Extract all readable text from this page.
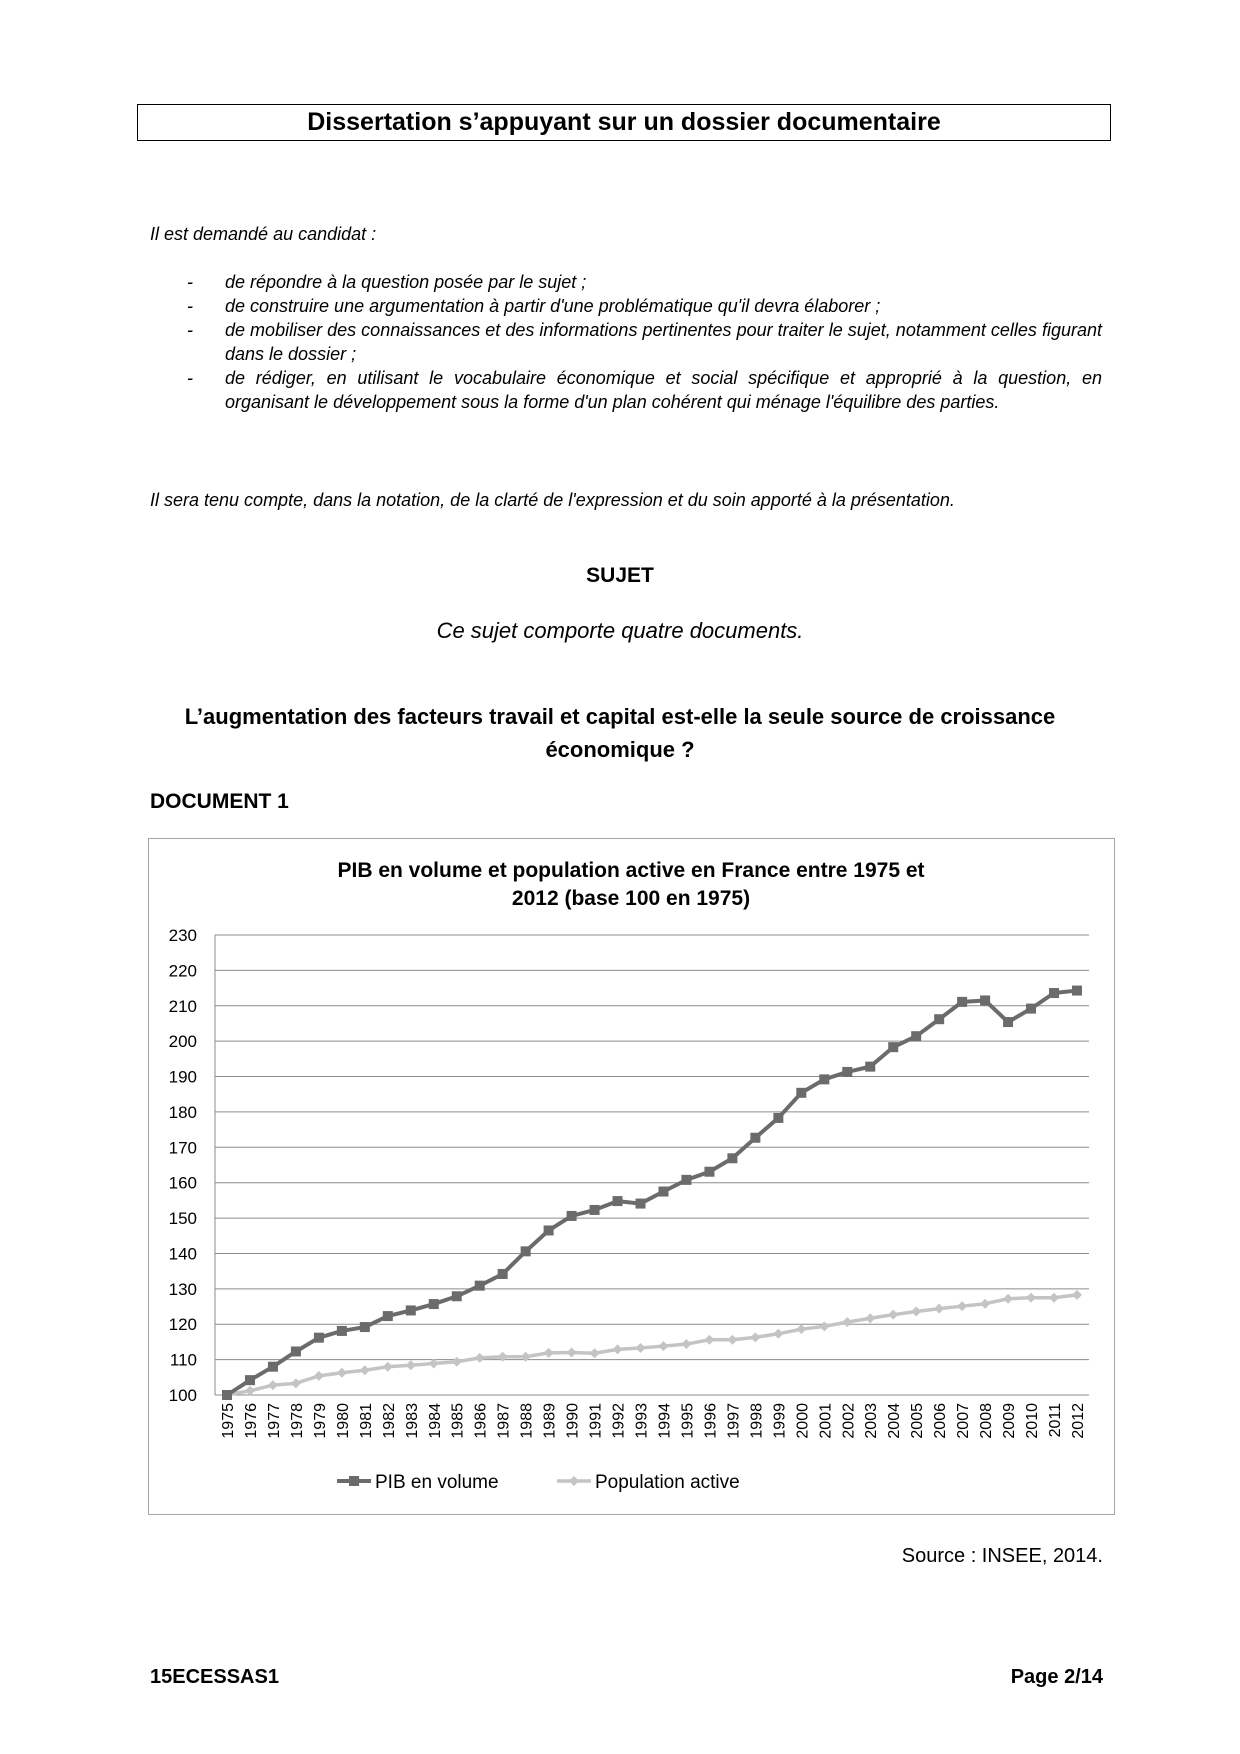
Dissertation s’appuyant sur un dossier documentaire
Il est demandé au candidat :
- de répondre à la question posée par le sujet ;
- de construire une argumentation à partir d'une problématique qu'il devra élaborer ;
- de mobiliser des connaissances et des informations pertinentes pour traiter le sujet, notamment celles figurant dans le dossier ;
- de rédiger, en utilisant le vocabulaire économique et social spécifique et approprié à la question, en organisant le développement sous la forme d'un plan cohérent qui ménage l'équilibre des parties.
Il sera tenu compte, dans la notation, de la clarté de l'expression et du soin apporté à la présentation.
SUJET
Ce sujet comporte quatre documents.
L’augmentation des facteurs travail et capital est-elle la seule source de croissance économique ?
DOCUMENT 1
PIB en volume et population active en France entre 1975 et
2012 (base 100 en 1975)
100
110
120
130
140
150
160
170
180
190
200
210
220
230
1975 1976 1977 1978 1979 1980 1981 1982 1983 1984 1985 1986 1987 1988 1989 1990 1991 1992 1993 1994 1995 1996 1997 1998 1999 2000 2001 2002 2003 2004 2005 2006 2007 2008 2009 2010 2011 2012
PIB en volume	Population active
Source : INSEE, 2014.
15ECESSAS1	Page 2/14
